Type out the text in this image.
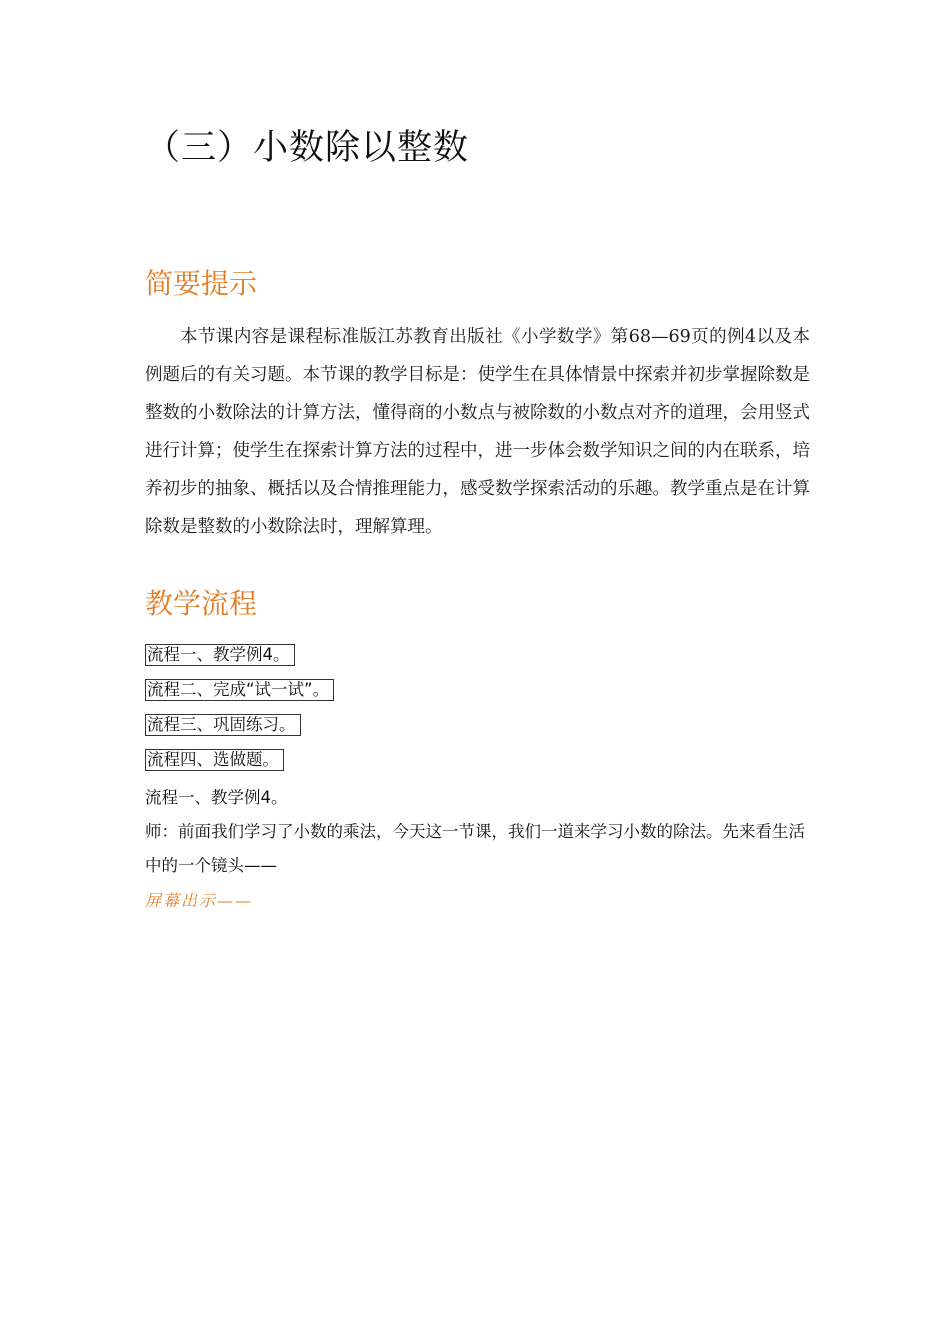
（三）小数除以整数
简要提示

本节课内容是课程标准版江苏教育出版社《小学数学》第68—69页的例4以及本例题后的有关习题。本节课的教学目标是：使学生在具体情景中探索并初步掌握除数是整数的小数除法的计算方法，懂得商的小数点与被除数的小数点对齐的道理，会用竖式进行计算；使学生在探索计算方法的过程中，进一步体会数学知识之间的内在联系，培养初步的抽象、概括以及合情推理能力，感受数学探索活动的乐趣。教学重点是在计算除数是整数的小数除法时，理解算理。

教学流程
流程一、教学例4。
流程二、完成“试一试”。
流程三、巩固练习。
流程四、选做题。

流程一、教学例4。

师：前面我们学习了小数的乘法，今天这一节课，我们一道来学习小数的除法。先来看生活中的一个镜头——

屏幕出示——
